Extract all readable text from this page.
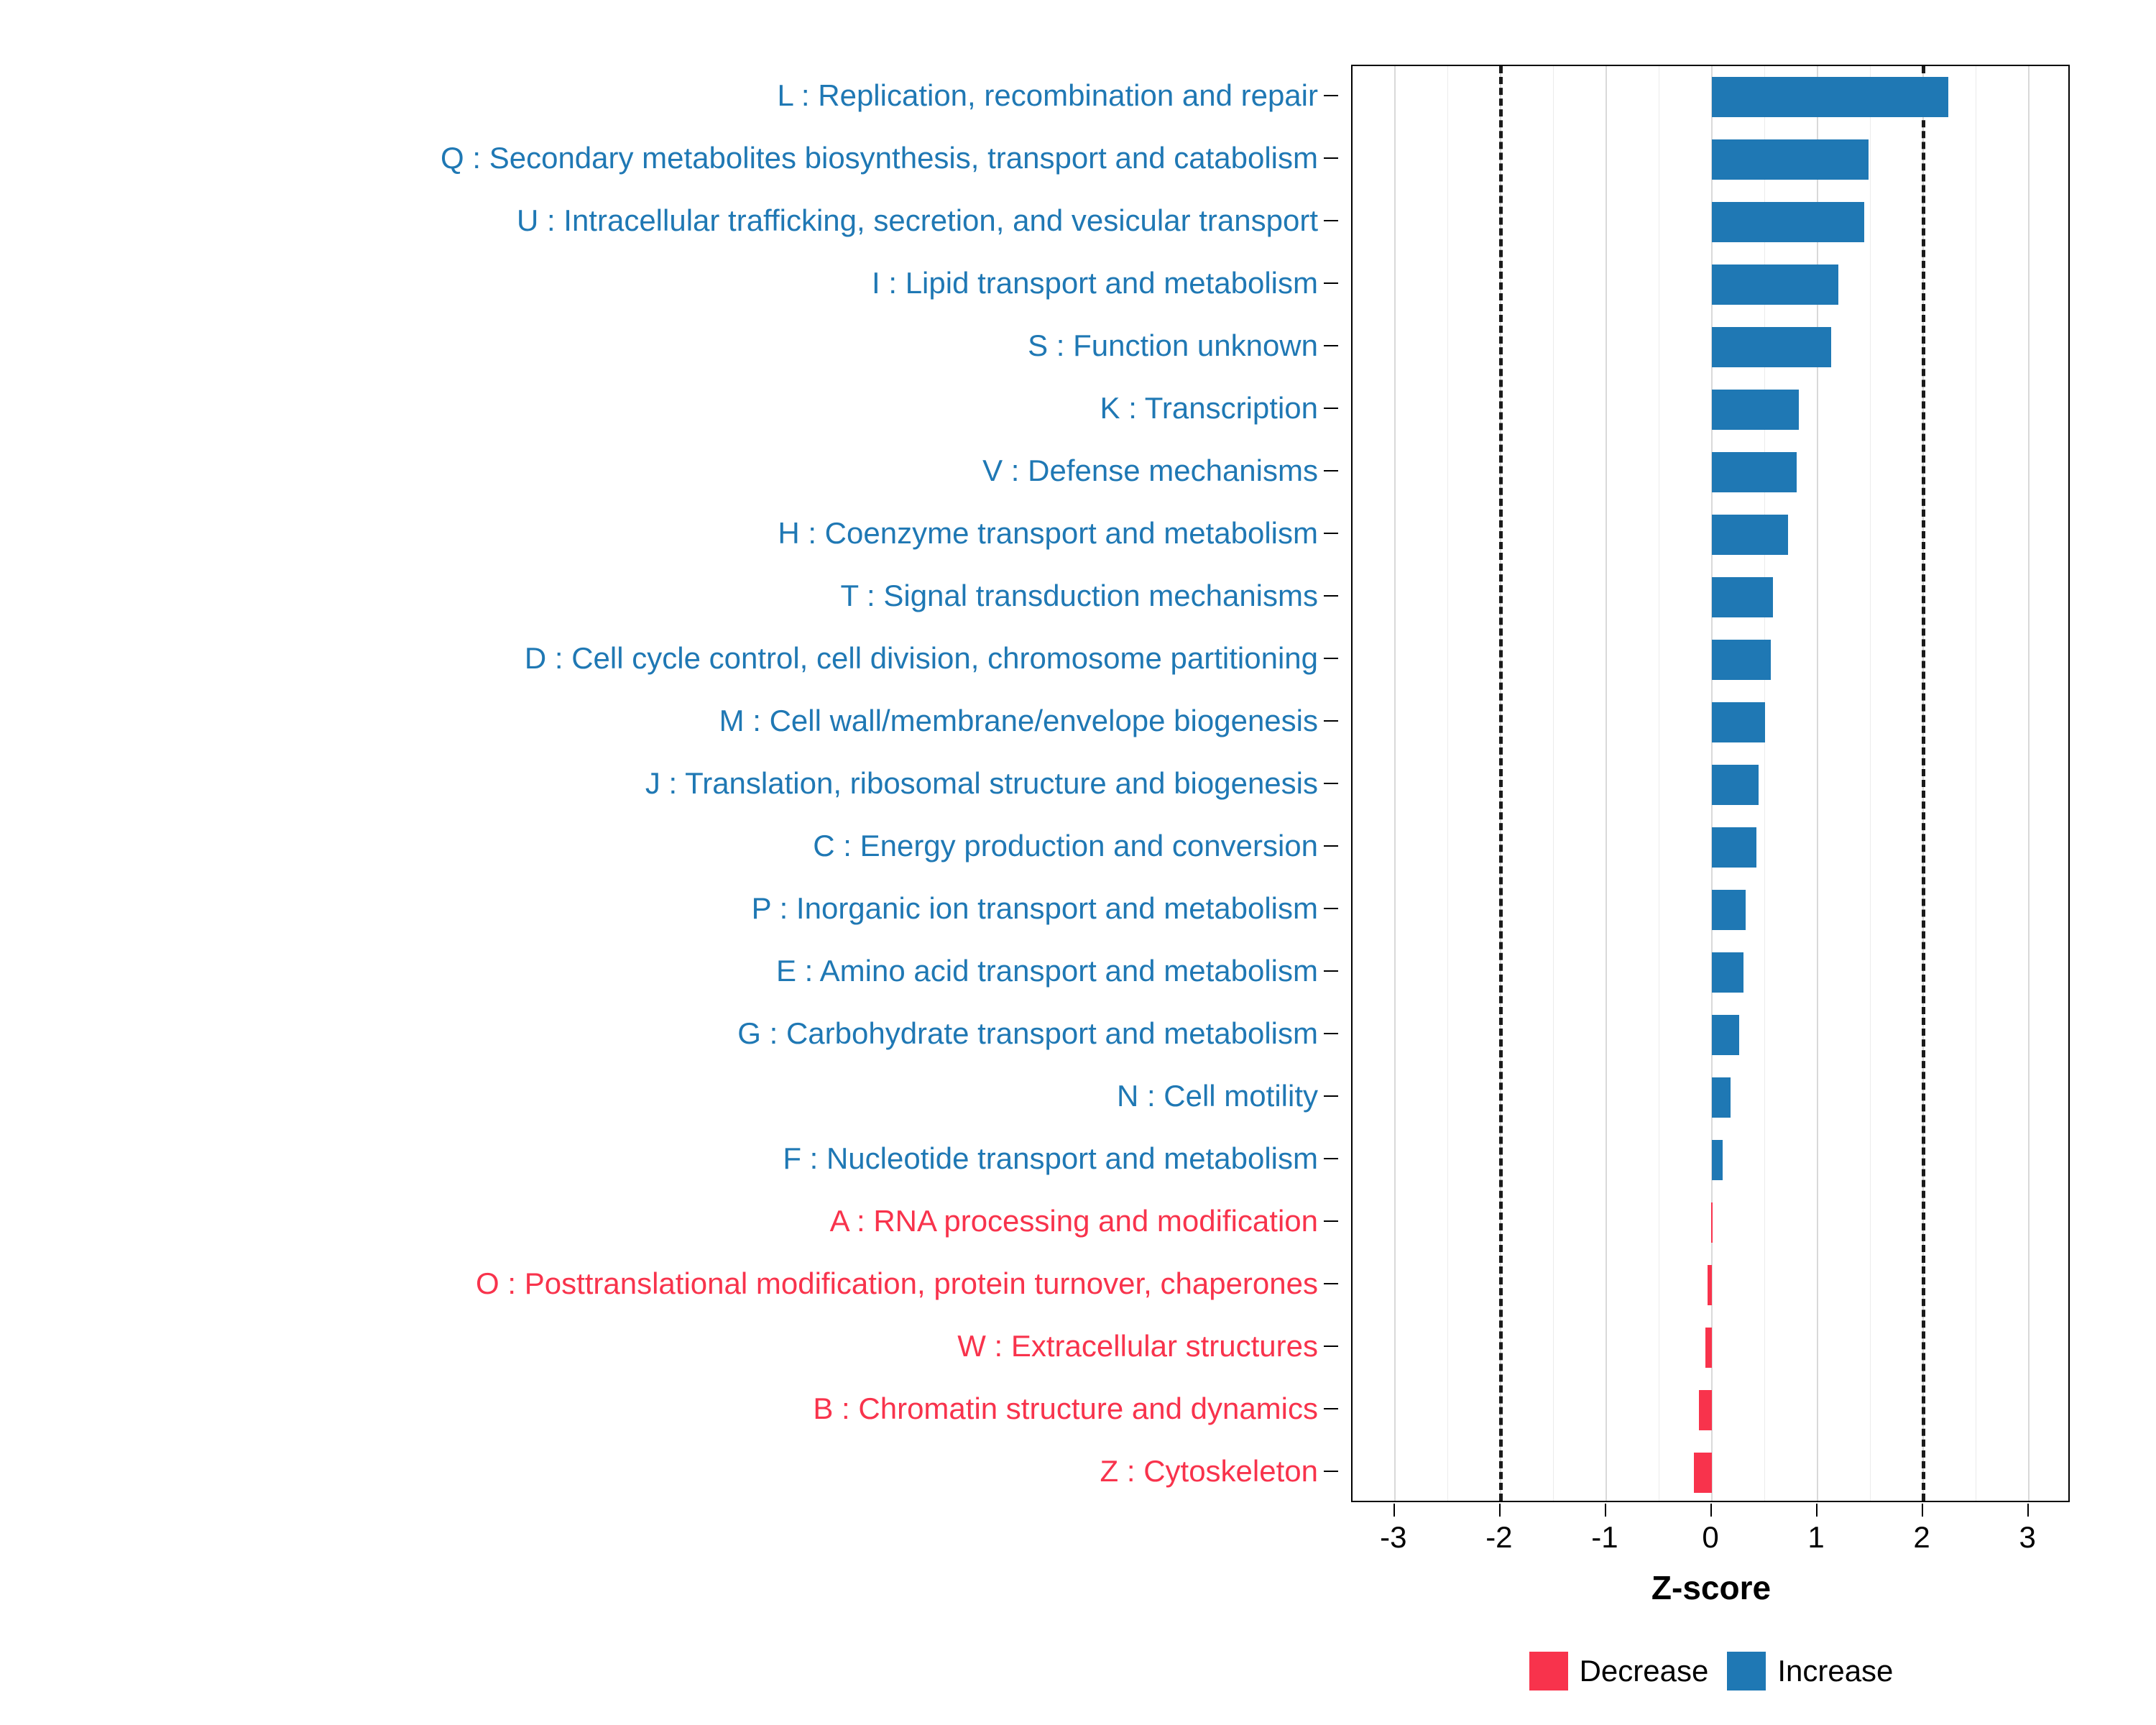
L : Replication, recombination and repair
Q : Secondary metabolites biosynthesis, transport and catabolism
U : Intracellular trafficking, secretion, and vesicular transport
I : Lipid transport and metabolism
S : Function unknown
K : Transcription
V : Defense mechanisms
H : Coenzyme transport and metabolism
T : Signal transduction mechanisms
D : Cell cycle control, cell division, chromosome partitioning
M : Cell wall/membrane/envelope biogenesis
J : Translation, ribosomal structure and biogenesis
C : Energy production and conversion
P : Inorganic ion transport and metabolism
E : Amino acid transport and metabolism
G : Carbohydrate transport and metabolism
N : Cell motility
F : Nucleotide transport and metabolism
A : RNA processing and modification
O : Posttranslational modification, protein turnover, chaperones
W : Extracellular structures
B : Chromatin structure and dynamics
Z : Cytoskeleton
-3	-2	-1	0	1	2	3
Z-score
Decrease Increase
